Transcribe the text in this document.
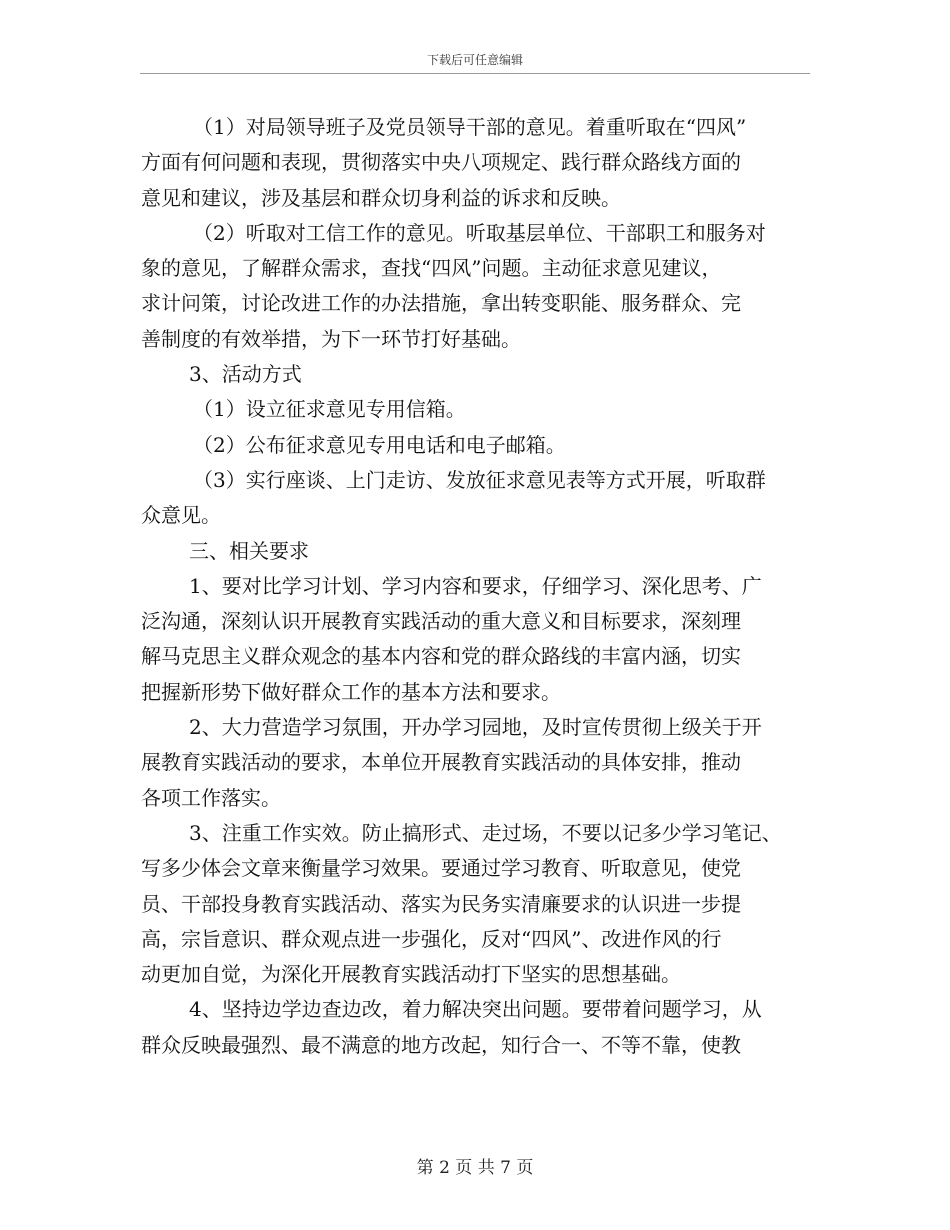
下载后可任意编辑
（1）对局领导班子及党员领导干部的意见。着重听取在“四风”
方面有何问题和表现，贯彻落实中央八项规定、践行群众路线方面的
意见和建议，涉及基层和群众切身利益的诉求和反映。
（2）听取对工信工作的意见。听取基层单位、干部职工和服务对
象的意见，了解群众需求，查找“四风”问题。主动征求意见建议，
求计问策，讨论改进工作的办法措施，拿出转变职能、服务群众、完
善制度的有效举措，为下一环节打好基础。
3、活动方式
（1）设立征求意见专用信箱。
（2）公布征求意见专用电话和电子邮箱。
（3）实行座谈、上门走访、发放征求意见表等方式开展，听取群
众意见。
三、相关要求
1、要对比学习计划、学习内容和要求，仔细学习、深化思考、广
泛沟通，深刻认识开展教育实践活动的重大意义和目标要求，深刻理
解马克思主义群众观念的基本内容和党的群众路线的丰富内涵，切实
把握新形势下做好群众工作的基本方法和要求。
2、大力营造学习氛围，开办学习园地，及时宣传贯彻上级关于开
展教育实践活动的要求，本单位开展教育实践活动的具体安排，推动
各项工作落实。
3、注重工作实效。防止搞形式、走过场，不要以记多少学习笔记、
写多少体会文章来衡量学习效果。要通过学习教育、听取意见，使党
员、干部投身教育实践活动、落实为民务实清廉要求的认识进一步提
高，宗旨意识、群众观点进一步强化，反对“四风”、改进作风的行
动更加自觉，为深化开展教育实践活动打下坚实的思想基础。
4、坚持边学边查边改，着力解决突出问题。要带着问题学习，从
群众反映最强烈、最不满意的地方改起，知行合一、不等不靠，使教
第 2 页 共 7 页
